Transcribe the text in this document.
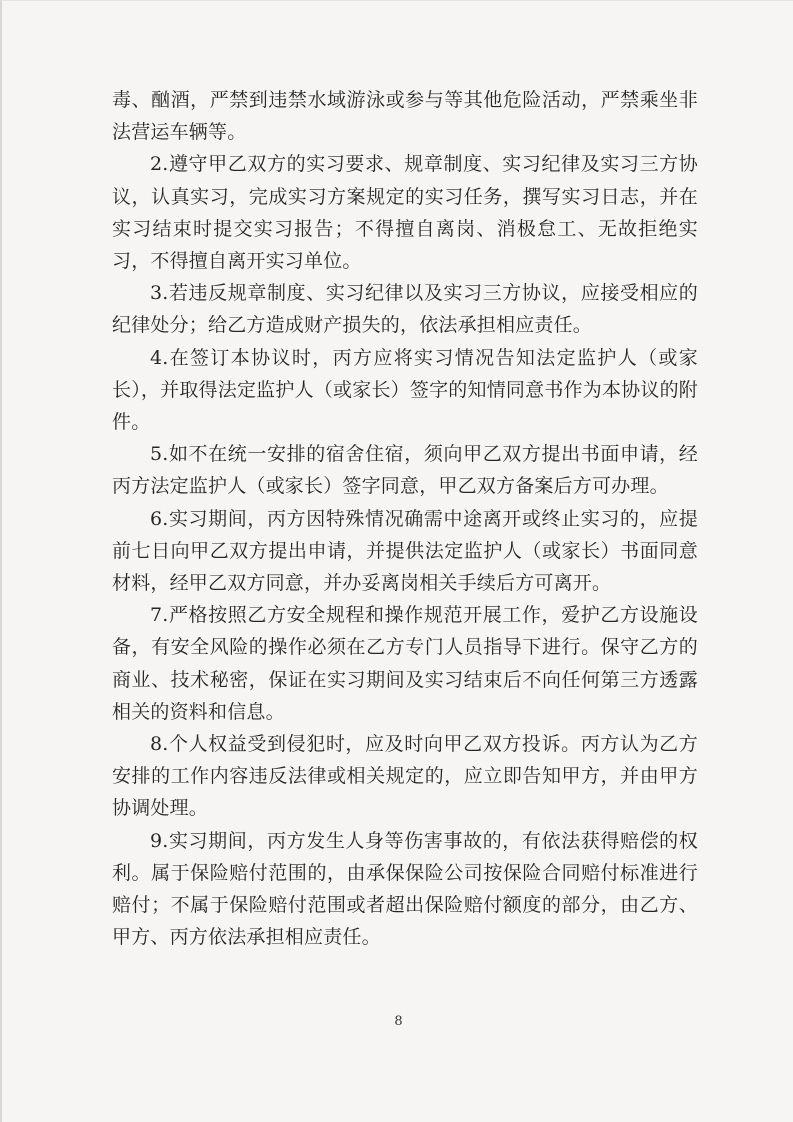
毒、酗酒，严禁到违禁水域游泳或参与等其他危险活动，严禁乘坐非法营运车辆等。

2.遵守甲乙双方的实习要求、规章制度、实习纪律及实习三方协议，认真实习，完成实习方案规定的实习任务，撰写实习日志，并在实习结束时提交实习报告；不得擅自离岗、消极怠工、无故拒绝实习，不得擅自离开实习单位。

3.若违反规章制度、实习纪律以及实习三方协议，应接受相应的纪律处分；给乙方造成财产损失的，依法承担相应责任。

4.在签订本协议时，丙方应将实习情况告知法定监护人（或家长），并取得法定监护人（或家长）签字的知情同意书作为本协议的附件。

5.如不在统一安排的宿舍住宿，须向甲乙双方提出书面申请，经丙方法定监护人（或家长）签字同意，甲乙双方备案后方可办理。

6.实习期间，丙方因特殊情况确需中途离开或终止实习的，应提前七日向甲乙双方提出申请，并提供法定监护人（或家长）书面同意材料，经甲乙双方同意，并办妥离岗相关手续后方可离开。

7.严格按照乙方安全规程和操作规范开展工作，爱护乙方设施设备，有安全风险的操作必须在乙方专门人员指导下进行。保守乙方的商业、技术秘密，保证在实习期间及实习结束后不向任何第三方透露相关的资料和信息。

8.个人权益受到侵犯时，应及时向甲乙双方投诉。丙方认为乙方安排的工作内容违反法律或相关规定的，应立即告知甲方，并由甲方协调处理。

9.实习期间，丙方发生人身等伤害事故的，有依法获得赔偿的权利。属于保险赔付范围的，由承保保险公司按保险合同赔付标准进行赔付；不属于保险赔付范围或者超出保险赔付额度的部分，由乙方、甲方、丙方依法承担相应责任。

8
